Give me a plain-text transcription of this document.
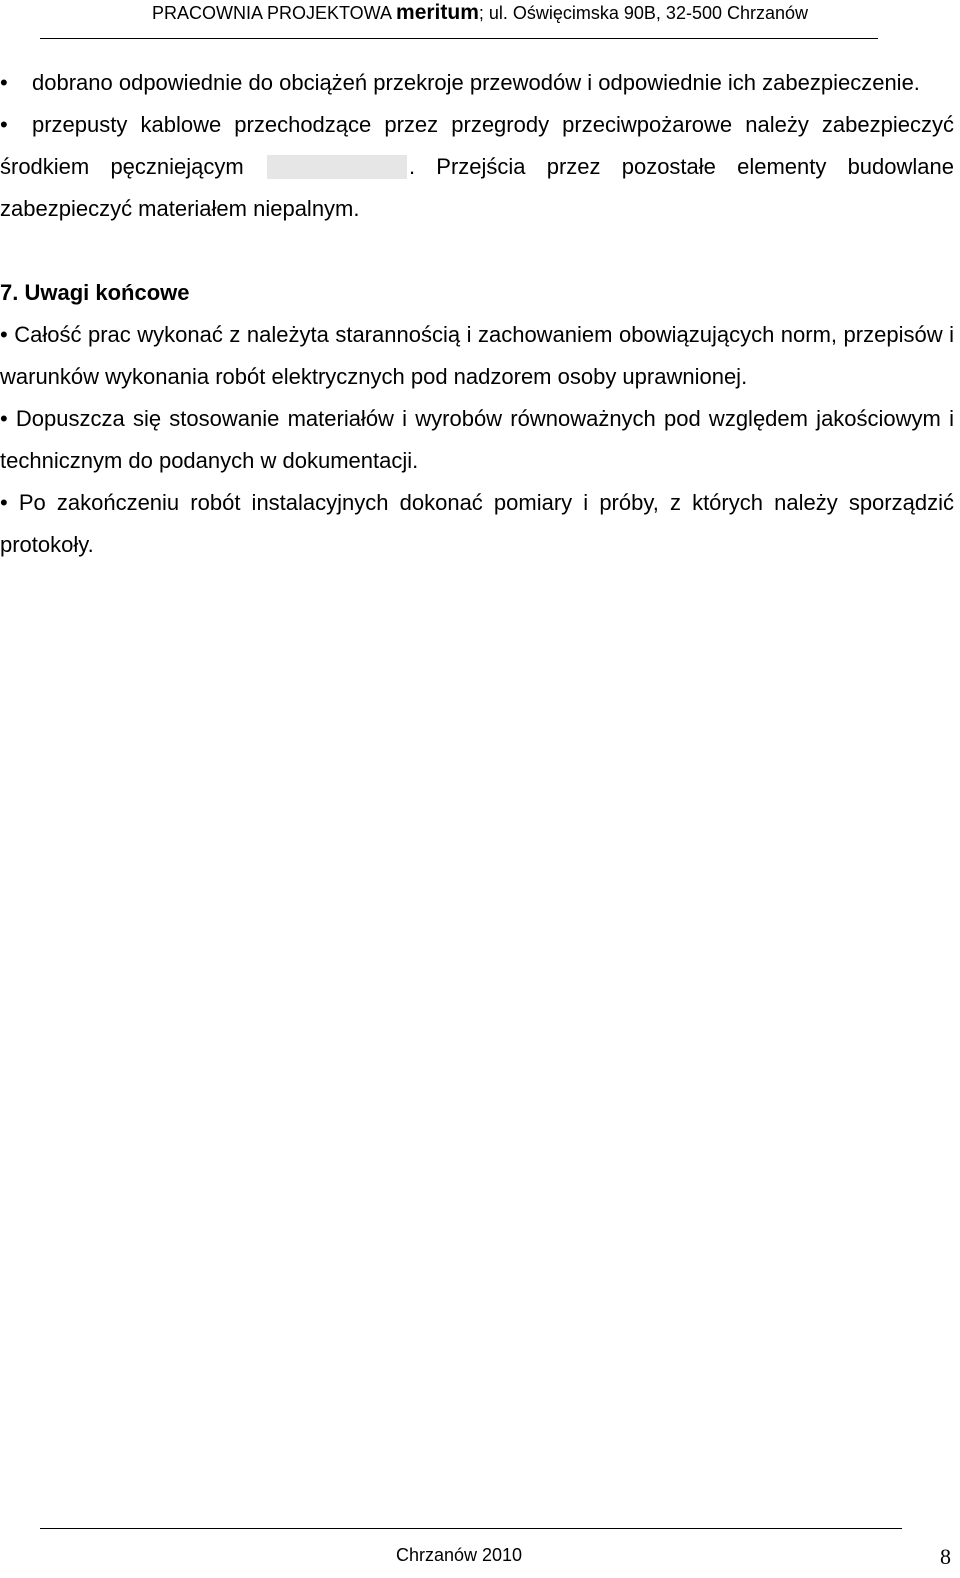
PRACOWNIA PROJEKTOWA meritum; ul. Oświęcimska 90B, 32-500 Chrzanów

• dobrano odpowiednie do obciążeń przekroje przewodów i odpowiednie ich zabezpieczenie.

• przepusty kablowe przechodzące przez przegrody przeciwpożarowe należy zabezpieczyć środkiem pęczniejącym	. Przejścia przez pozostałe elementy budowlane zabezpieczyć materiałem niepalnym.

7. Uwagi końcowe

• Całość prac wykonać z należyta starannością i zachowaniem obowiązujących norm, przepisów i warunków wykonania robót elektrycznych pod nadzorem osoby uprawnionej.

• Dopuszcza się stosowanie materiałów i wyrobów równoważnych pod względem jakościowym i technicznym do podanych w dokumentacji.

• Po zakończeniu robót instalacyjnych dokonać pomiary i próby, z których należy sporządzić protokoły.

Chrzanów 2010	8
